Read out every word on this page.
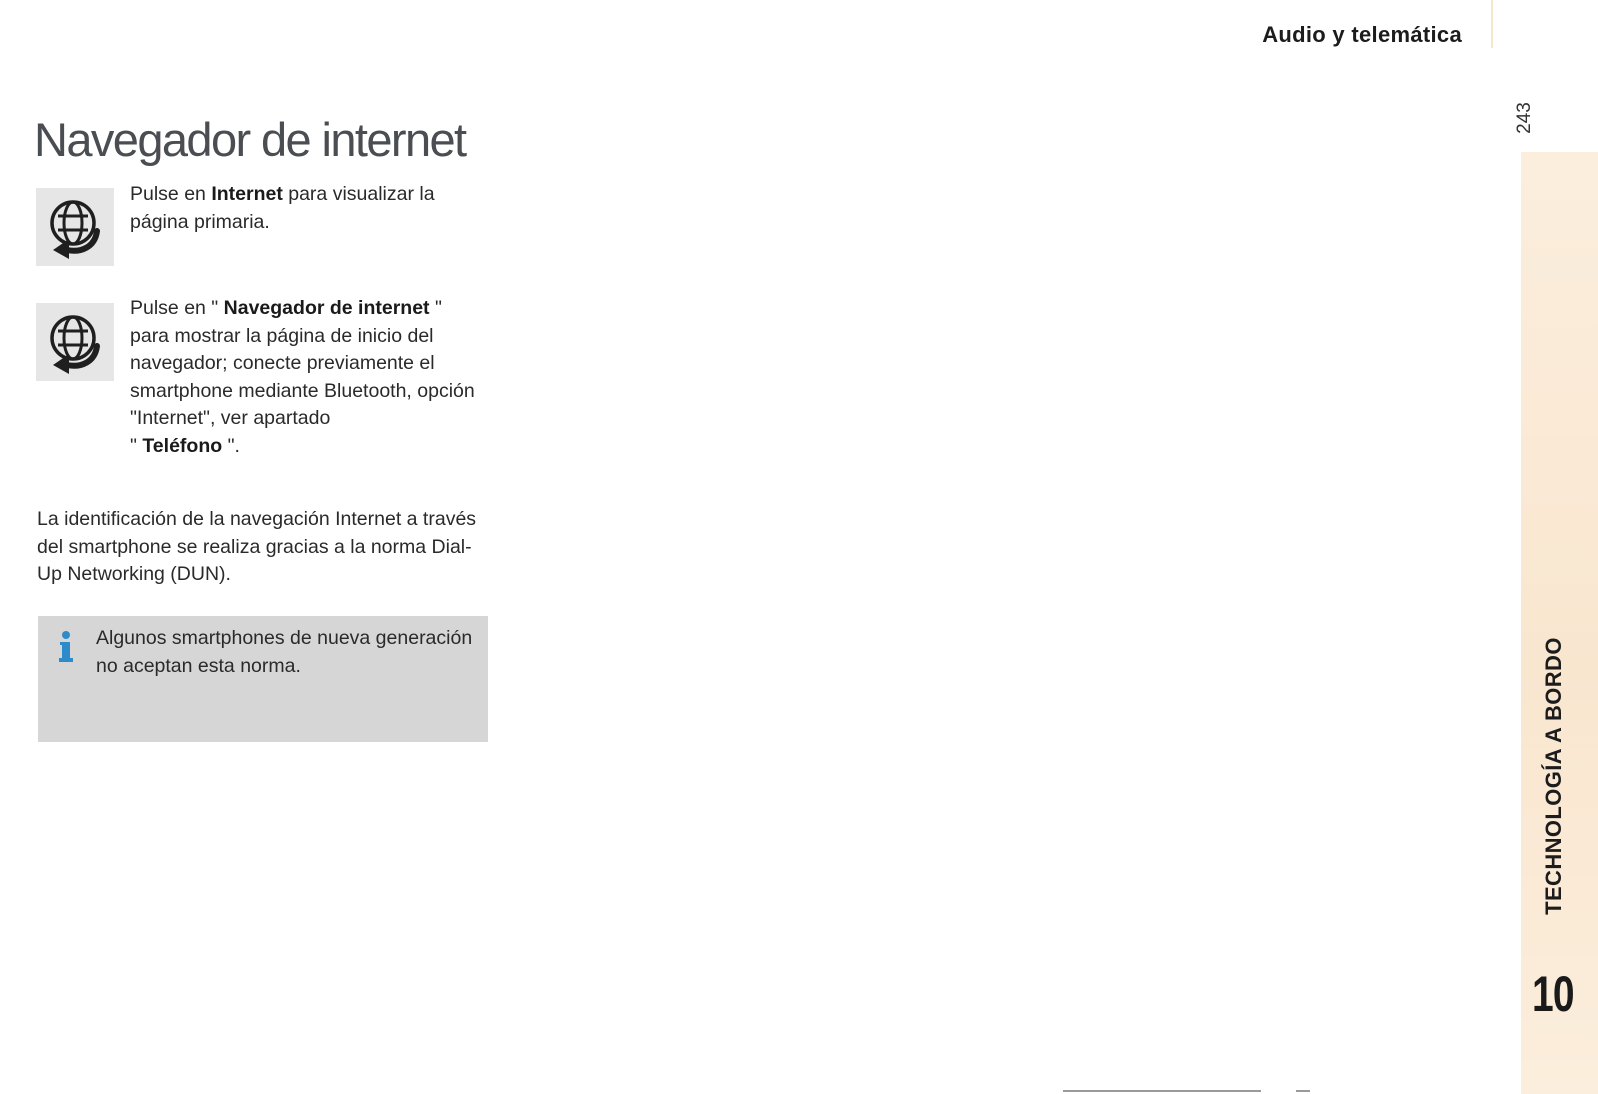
Audio y telemática
243
TECHNOLOGÍA A BORDO
10
Navegador de internet

Pulse en Internet para visualizar la página primaria.

Pulse en " Navegador de internet " para mostrar la página de inicio del navegador; conecte previamente el smartphone mediante Bluetooth, opción "Internet", ver apartado
" Teléfono ".

La identificación de la navegación Internet a través del smartphone se realiza gracias a la norma Dial-Up Networking (DUN).

Algunos smartphones de nueva generación no aceptan esta norma.
